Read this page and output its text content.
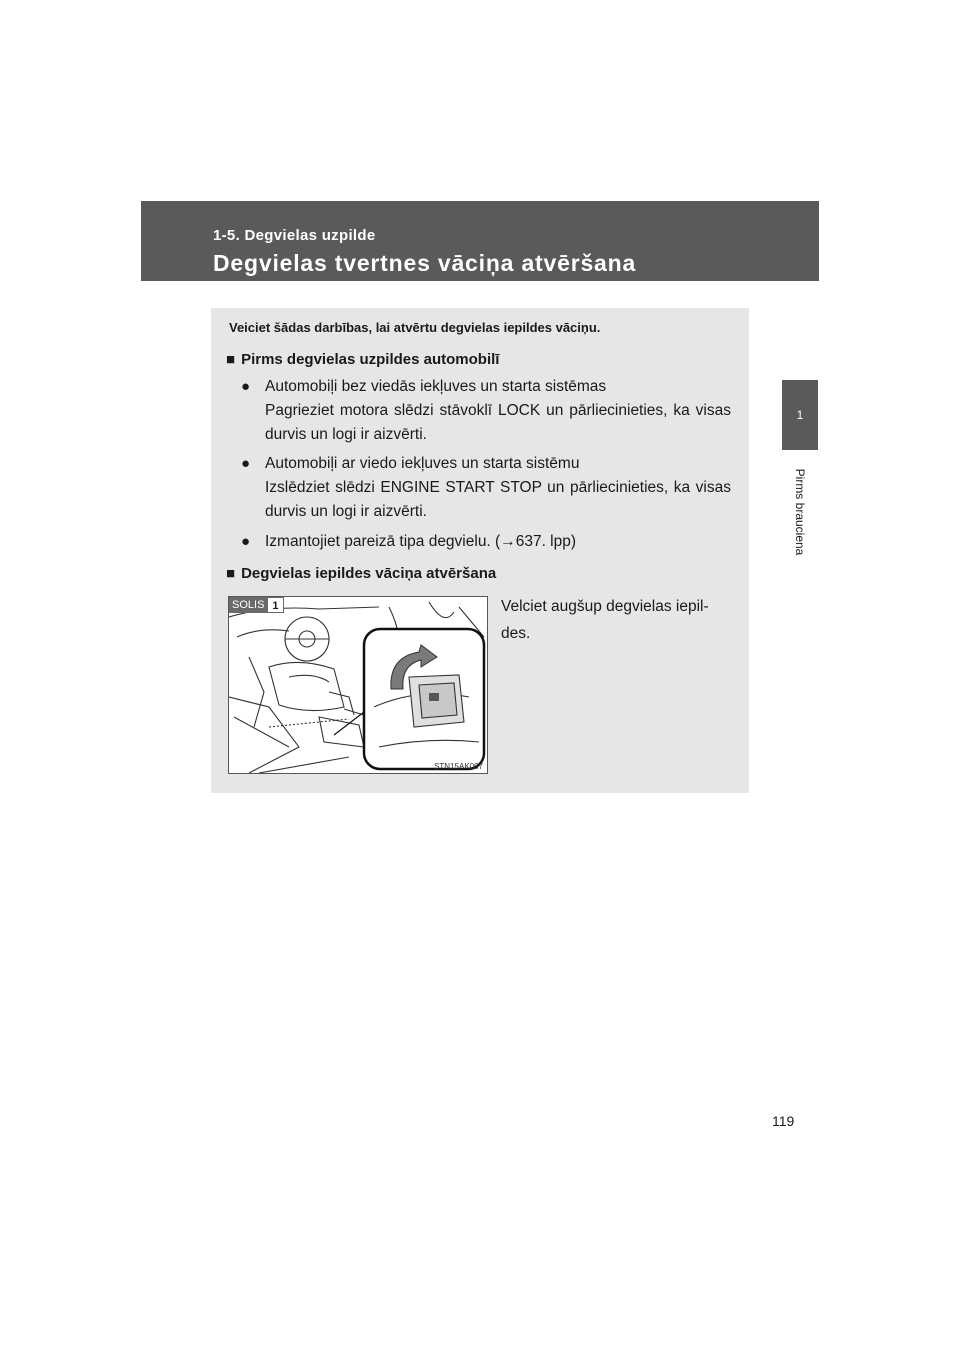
1-5. Degvielas uzpilde
Degvielas tvertnes vāciņa atvēršana
1
Pirms brauciena
Veiciet šādas darbības, lai atvērtu degvielas iepildes vāciņu.
■ Pirms degvielas uzpildes automobilī
● Automobiļi bez viedās iekļuves un starta sistēmas
Pagrieziet motora slēdzi stāvoklī LOCK un pārliecinieties, ka visas durvis un logi ir aizvērti.
● Automobiļi ar viedo iekļuves un starta sistēmu
Izslēdziet slēdzi ENGINE START STOP un pārliecinieties, ka visas durvis un logi ir aizvērti.
● Izmantojiet pareizā tipa degvielu. (→637. lpp)
■ Degvielas iepildes vāciņa atvēršana
SOLIS 1
STN15AK007
Velciet augšup degvielas iepil-des.
119
